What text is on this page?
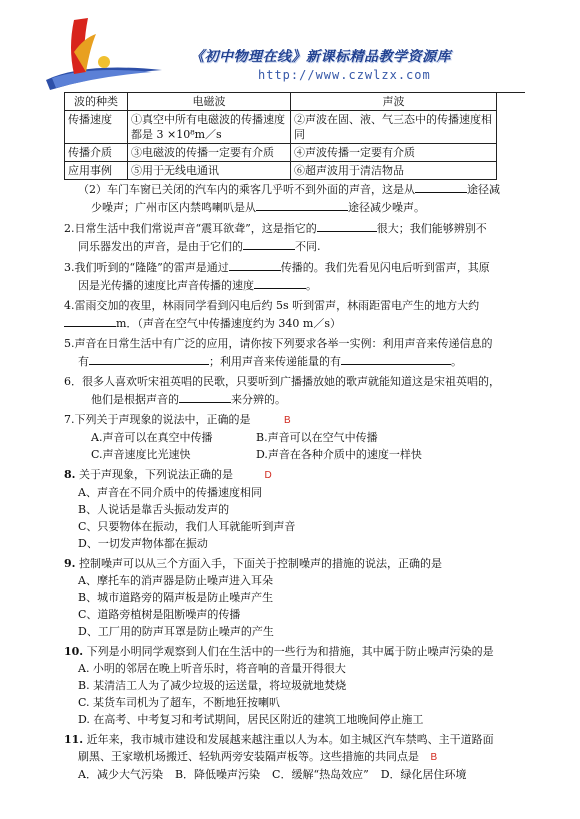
《初中物理在线》新课标精品教学资源库
http://www.czwlzx.com
波的种类	电磁波	声波
传播速度	①真空中所有电磁波的传播速度都是 3 ×10⁸m／s	②声波在固、液、气三态中的传播速度相同
传播介质	③电磁波的传播一定要有介质	④声波传播一定要有介质
应用事例	⑤用于无线电通讯	⑥超声波用于清洁物品

（2）车门车窗已关闭的汽车内的乘客几乎听不到外面的声音，这是从	途径减

少噪声；广州市区内禁鸣喇叭是从	途径减少噪声。

2.日常生活中我们常说声音“震耳欲聋”，这是指它的	很大；我们能够辨别不

同乐器发出的声音，是由于它们的	不同.

3.我们听到的“隆隆”的雷声是通过	传播的。我们先看见闪电后听到雷声，其原

因是光传播的速度比声音传播的速度	。

4.雷雨交加的夜里，林雨同学看到闪电后约 5s 听到雷声，林雨距雷电产生的地方大约

m．（声音在空气中传播速度约为 340 m／s）

5.声音在日常生活中有广泛的应用，请你按下列要求各举一实例：利用声音来传递信息的

有	；利用声音来传递能量的有	。

6．很多人喜欢听宋祖英唱的民歌，只要听到广播播放她的歌声就能知道这是宋祖英唱的，

他们是根据声音的	来分辨的。

7.下列关于声现象的说法中，正确的是	B

A.声音可以在真空中传播	B.声音可以在空气中传播
C.声音速度比光速快	D.声音在各种介质中的速度一样快

8. 关于声现象，下列说法正确的是	D

A、声音在不同介质中的传播速度相同

B、人说话是靠舌头振动发声的

C、只要物体在振动，我们人耳就能听到声音

D、一切发声物体都在振动

9. 控制噪声可以从三个方面入手，下面关于控制噪声的措施的说法，正确的是

A、摩托车的消声器是防止噪声进入耳朵

B、城市道路旁的隔声板是防止噪声产生

C、道路旁植树是阻断噪声的传播

D、工厂用的防声耳罩是防止噪声的产生

10. 下列是小明同学观察到人们在生活中的一些行为和措施，其中属于防止噪声污染的是

A. 小明的邻居在晚上听音乐时，将音响的音量开得很大

B. 某清洁工人为了减少垃圾的运送量，将垃圾就地焚烧

C. 某货车司机为了超车，不断地狂按喇叭

D. 在高考、中考复习和考试期间，居民区附近的建筑工地晚间停止施工

11. 近年来，我市城市建设和发展越来越注重以人为本。如主城区汽车禁鸣、主干道路面

刷黑、王家墩机场搬迁、轻轨两旁安装隔声板等。这些措施的共同点是 B

A．减少大气污染 B．降低噪声污染 C．缓解“热岛效应” D．绿化居住环境
